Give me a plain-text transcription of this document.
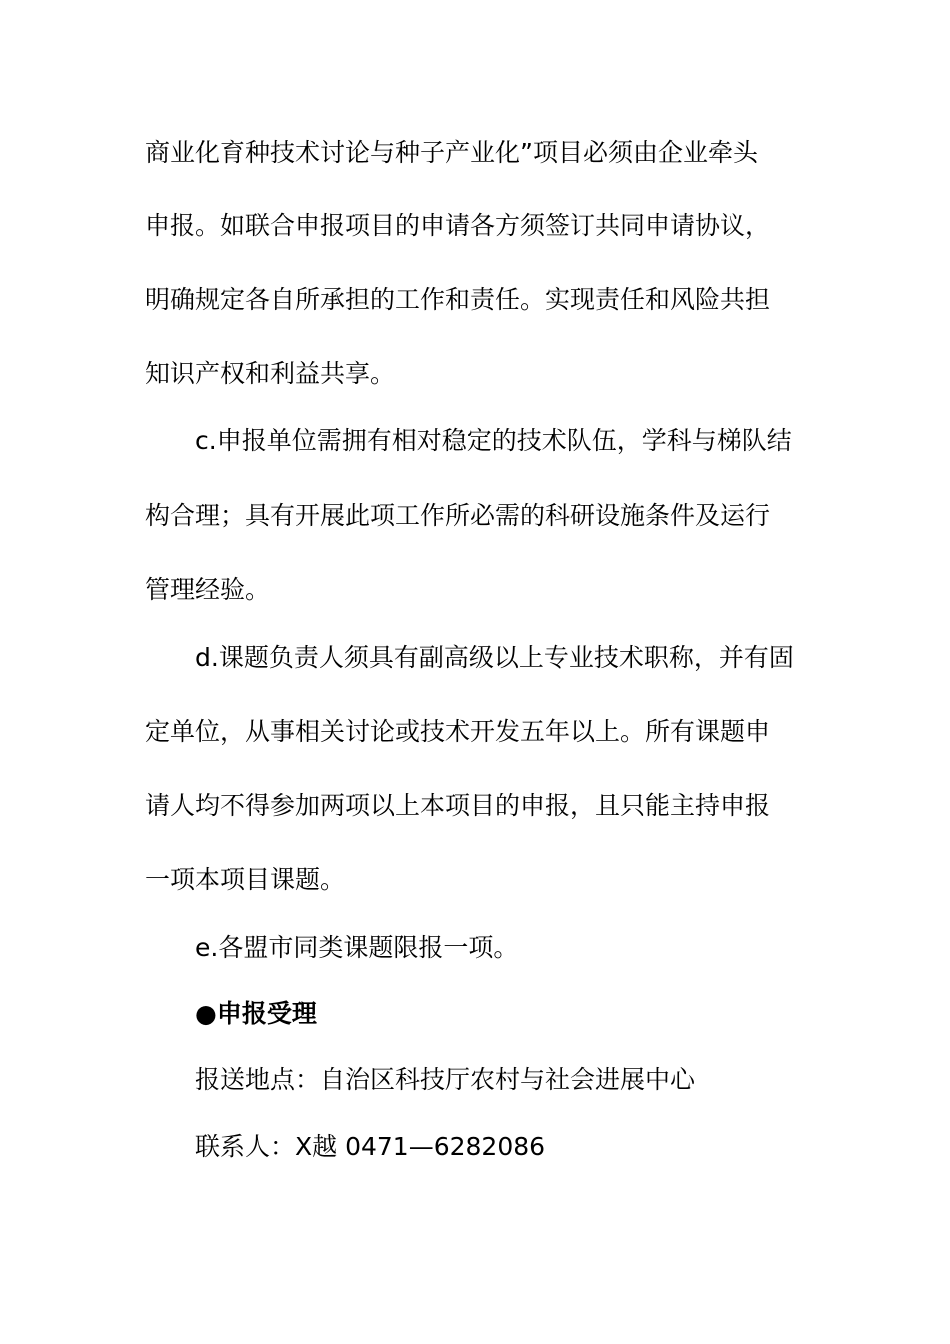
商业化育种技术讨论与种子产业化”项目必须由企业牵头
申报。如联合申报项目的申请各方须签订共同申请协议，
明确规定各自所承担的工作和责任。实现责任和风险共担
知识产权和利益共享。
c.申报单位需拥有相对稳定的技术队伍，学科与梯队结
构合理；具有开展此项工作所必需的科研设施条件及运行
管理经验。
d.课题负责人须具有副高级以上专业技术职称，并有固
定单位，从事相关讨论或技术开发五年以上。所有课题申
请人均不得参加两项以上本项目的申报，且只能主持申报
一项本项目课题。
e.各盟市同类课题限报一项。
●申报受理
报送地点：自治区科技厅农村与社会进展中心
联系人：X越 0471—6282086
